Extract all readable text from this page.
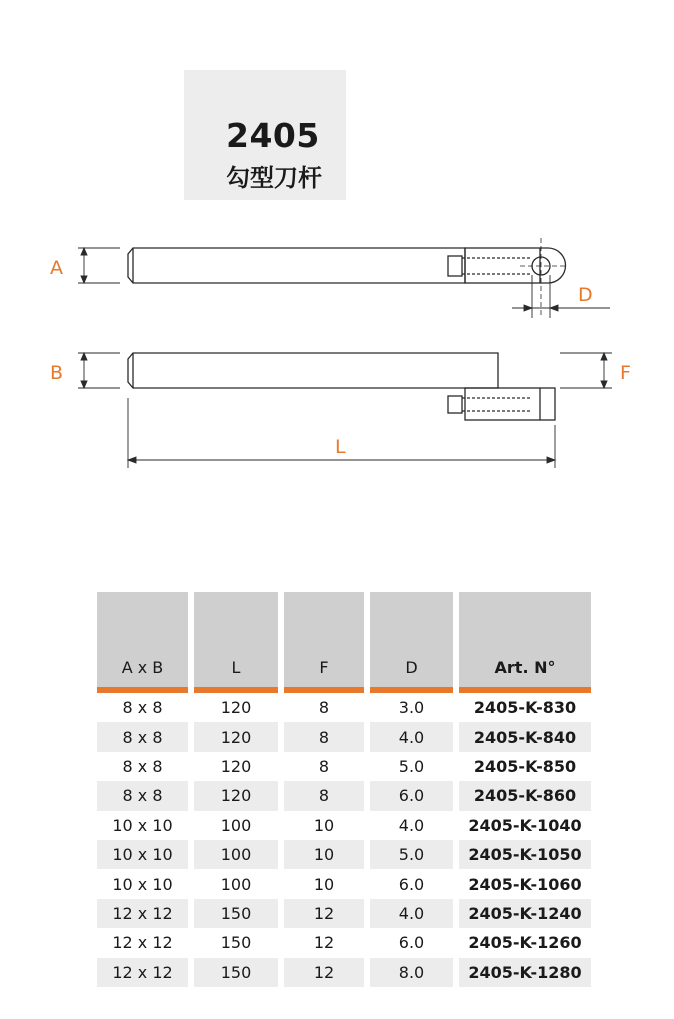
2405
勾型刀杆
A
B
D
F
L
A x B		L		F		D		Art. N°
8 x 8		120		8		3.0		2405-K-830
8 x 8		120		8		4.0		2405-K-840
8 x 8		120		8		5.0		2405-K-850
8 x 8		120		8		6.0		2405-K-860
10 x 10		100		10		4.0		2405-K-1040
10 x 10		100		10		5.0		2405-K-1050
10 x 10		100		10		6.0		2405-K-1060
12 x 12		150		12		4.0		2405-K-1240
12 x 12		150		12		6.0		2405-K-1260
12 x 12		150		12		8.0		2405-K-1280
